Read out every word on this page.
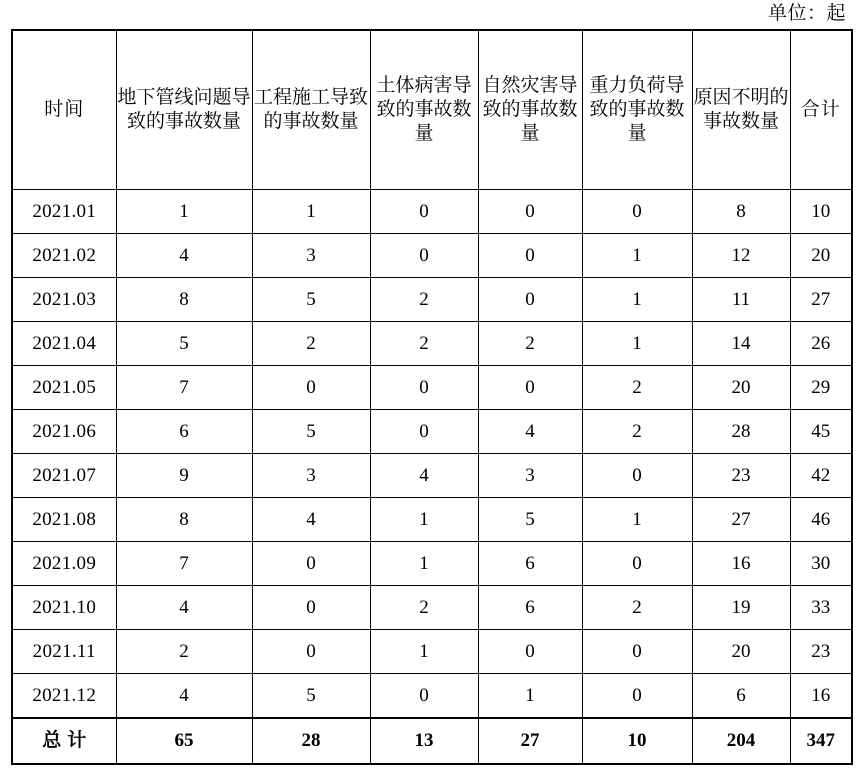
单位：起
时间	地下管线问题导致的事故数量	工程施工导致的事故数量	土体病害导致的事故数量	自然灾害导致的事故数量	重力负荷导致的事故数量	原因不明的事故数量	合计

2021.01	1	1	0	0	0	8	10
2021.02	4	3	0	0	1	12	20
2021.03	8	5	2	0	1	11	27
2021.04	5	2	2	2	1	14	26
2021.05	7	0	0	0	2	20	29
2021.06	6	5	0	4	2	28	45
2021.07	9	3	4	3	0	23	42
2021.08	8	4	1	5	1	27	46
2021.09	7	0	1	6	0	16	30
2021.10	4	0	2	6	2	19	33
2021.11	2	0	1	0	0	20	23
2021.12	4	5	0	1	0	6	16
总计	65	28	13	27	10	204	347
